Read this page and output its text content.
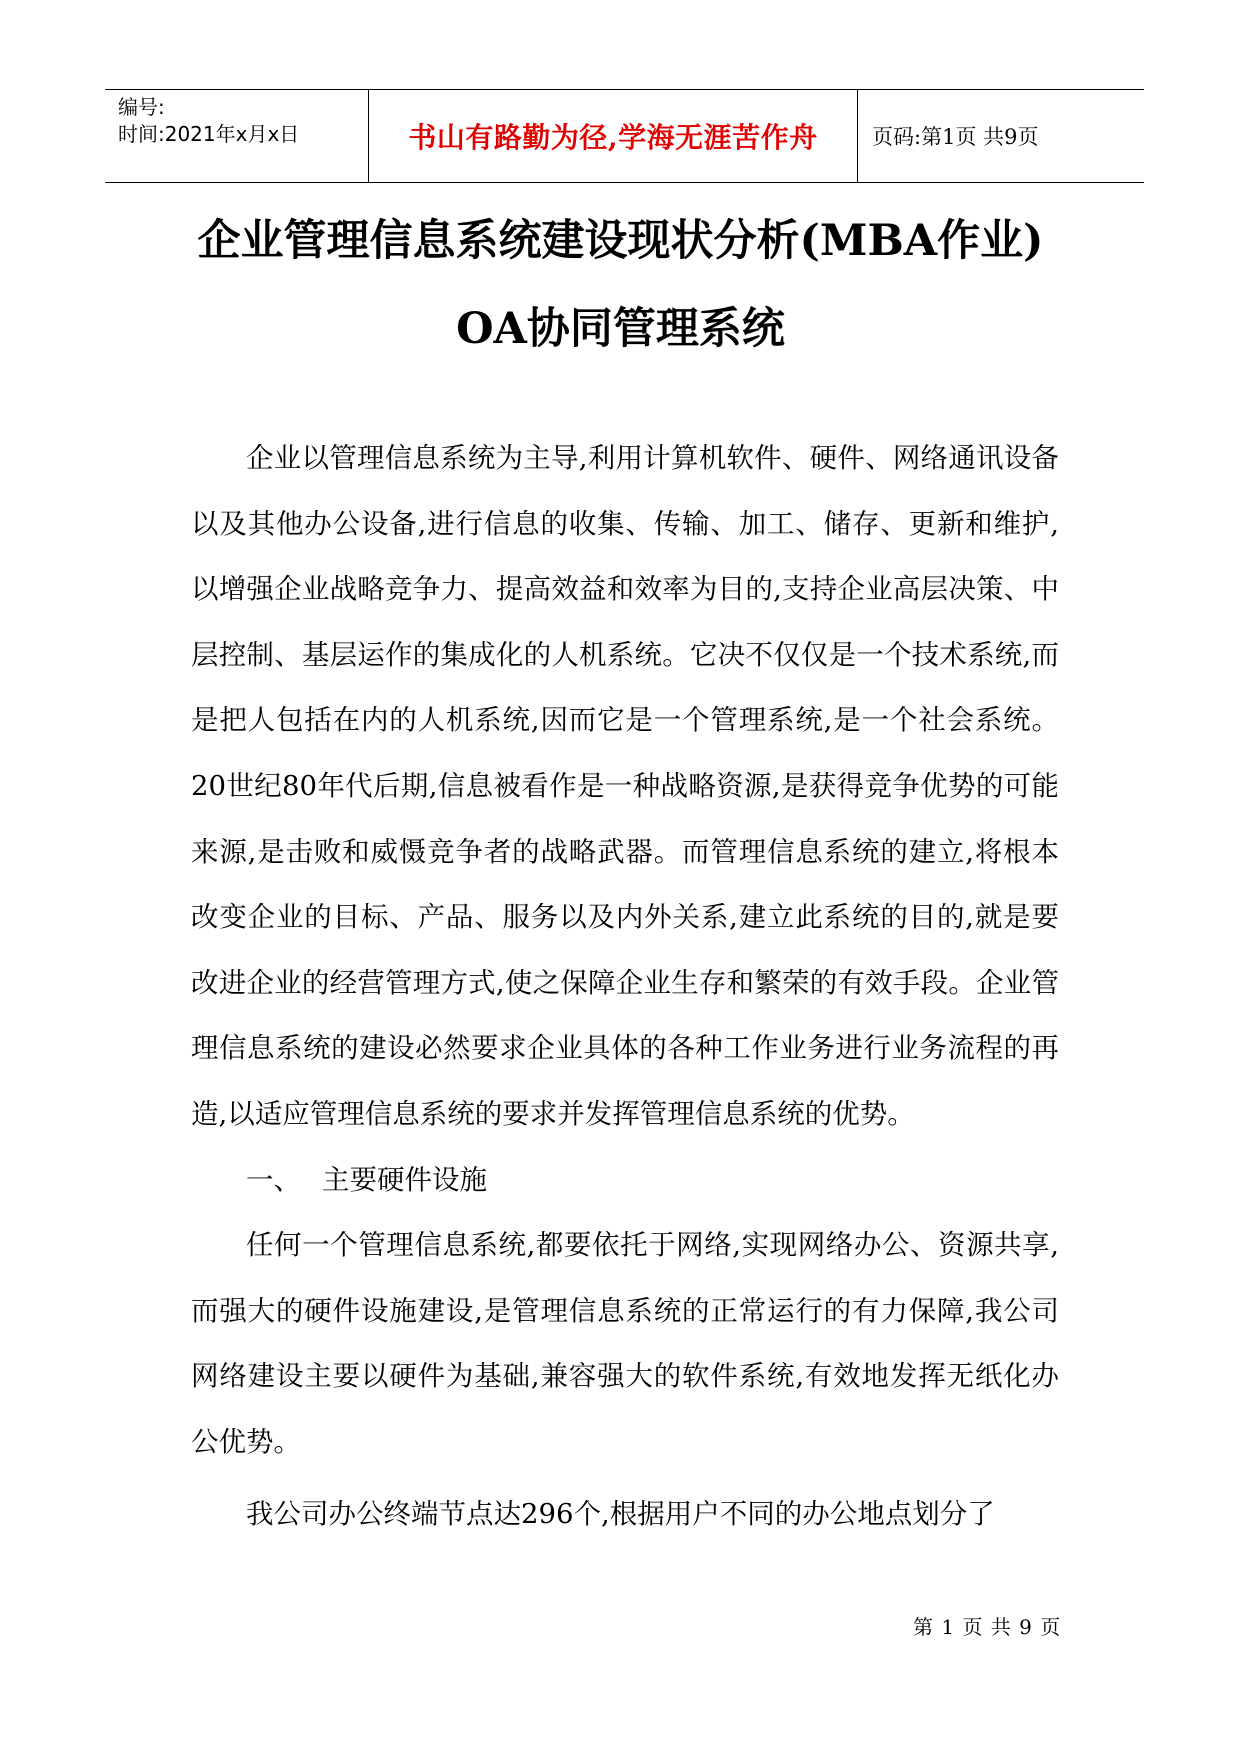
编号:
时间:2021年x月x日	书山有路勤为径,学海无涯苦作舟	页码:第1页 共9页
企业管理信息系统建设现状分析(MBA作业)
OA协同管理系统

企业以管理信息系统为主导,利用计算机软件、硬件、网络通讯设备以及其他办公设备,进行信息的收集、传输、加工、储存、更新和维护,以增强企业战略竞争力、提高效益和效率为目的,支持企业高层决策、中层控制、基层运作的集成化的人机系统。它决不仅仅是一个技术系统,而是把人包括在内的人机系统,因而它是一个管理系统,是一个社会系统。20世纪80年代后期,信息被看作是一种战略资源,是获得竞争优势的可能来源,是击败和威慑竞争者的战略武器。而管理信息系统的建立,将根本改变企业的目标、产品、服务以及内外关系,建立此系统的目的,就是要改进企业的经营管理方式,使之保障企业生存和繁荣的有效手段。企业管理信息系统的建设必然要求企业具体的各种工作业务进行业务流程的再造,以适应管理信息系统的要求并发挥管理信息系统的优势。

一、 主要硬件设施

任何一个管理信息系统,都要依托于网络,实现网络办公、资源共享,而强大的硬件设施建设,是管理信息系统的正常运行的有力保障,我公司网络建设主要以硬件为基础,兼容强大的软件系统,有效地发挥无纸化办公优势。

我公司办公终端节点达296个,根据用户不同的办公地点划分了

第 1 页 共 9 页
